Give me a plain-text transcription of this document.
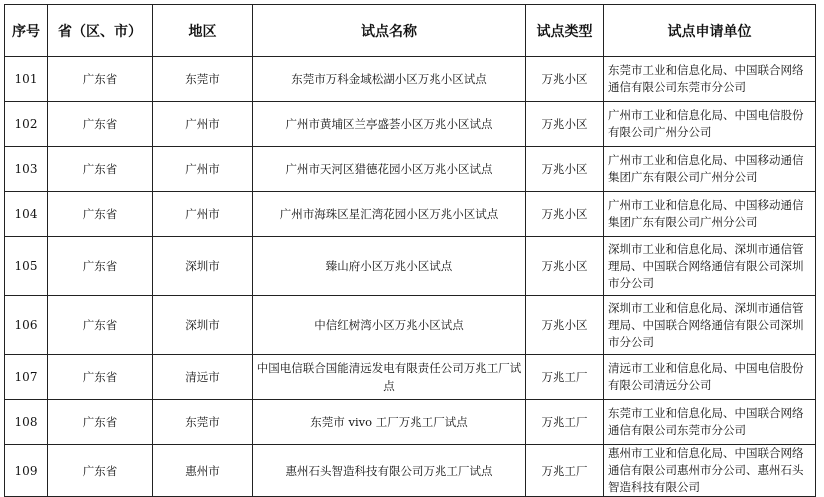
序号	省（区、市）	地区	试点名称	试点类型	试点申请单位
101	广东省	东莞市	东莞市万科金域松湖小区万兆小区试点	万兆小区	东莞市工业和信息化局、中国联合网络通信有限公司东莞市分公司
102	广东省	广州市	广州市黄埔区兰亭盛荟小区万兆小区试点	万兆小区	广州市工业和信息化局、中国电信股份有限公司广州分公司
103	广东省	广州市	广州市天河区猎德花园小区万兆小区试点	万兆小区	广州市工业和信息化局、中国移动通信集团广东有限公司广州分公司
104	广东省	广州市	广州市海珠区星汇湾花园小区万兆小区试点	万兆小区	广州市工业和信息化局、中国移动通信集团广东有限公司广州分公司
105	广东省	深圳市	臻山府小区万兆小区试点	万兆小区	深圳市工业和信息化局、深圳市通信管理局、中国联合网络通信有限公司深圳市分公司
106	广东省	深圳市	中信红树湾小区万兆小区试点	万兆小区	深圳市工业和信息化局、深圳市通信管理局、中国联合网络通信有限公司深圳市分公司
107	广东省	清远市	中国电信联合国能清远发电有限责任公司万兆工厂试点	万兆工厂	清远市工业和信息化局、中国电信股份有限公司清远分公司
108	广东省	东莞市	东莞市 vivo 工厂万兆工厂试点	万兆工厂	东莞市工业和信息化局、中国联合网络通信有限公司东莞市分公司
109	广东省	惠州市	惠州石头智造科技有限公司万兆工厂试点	万兆工厂	惠州市工业和信息化局、中国联合网络通信有限公司惠州市分公司、惠州石头智造科技有限公司
